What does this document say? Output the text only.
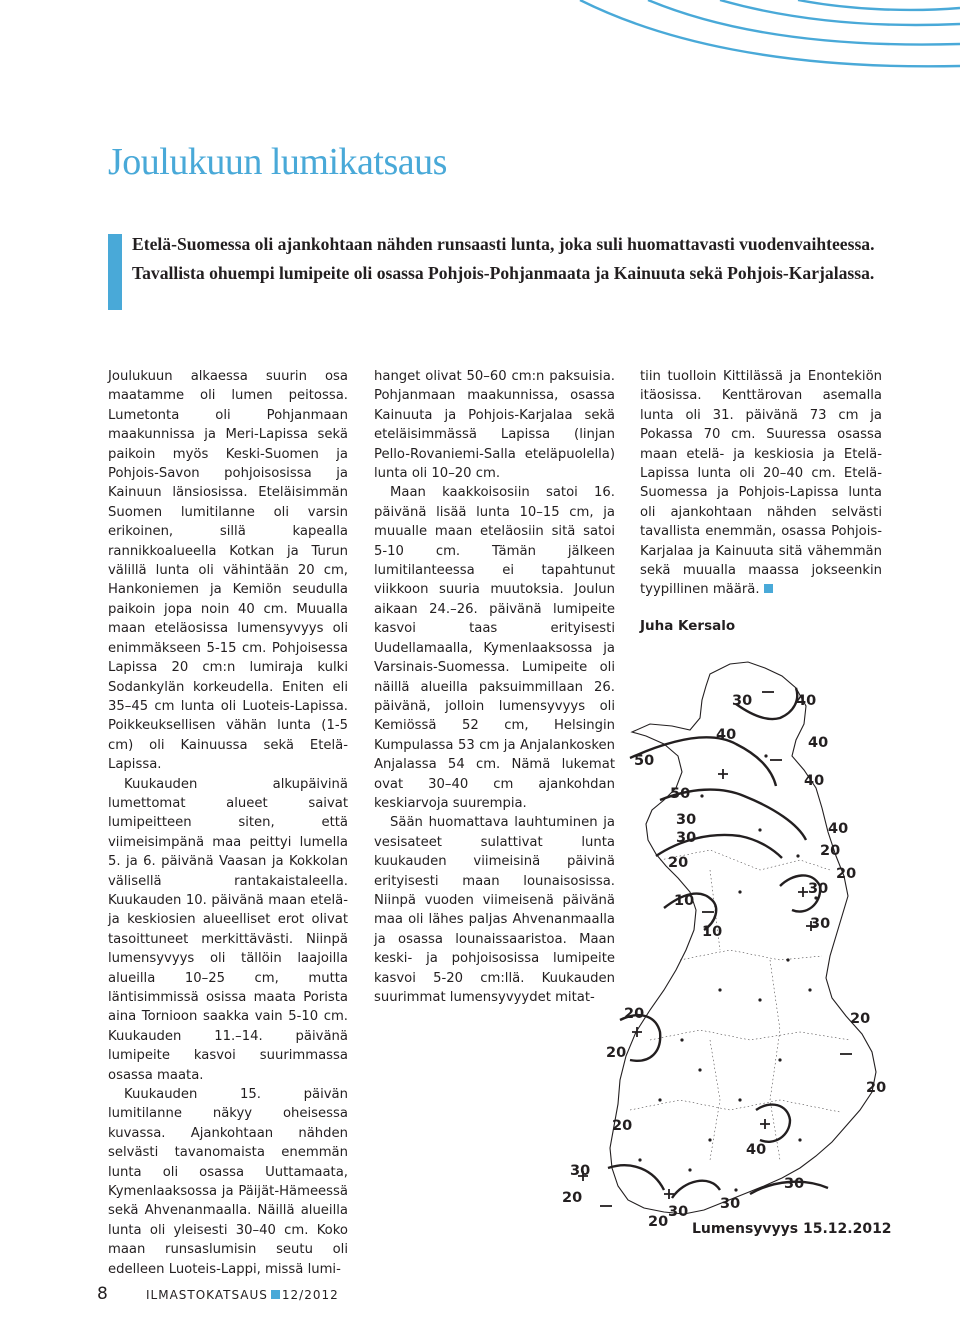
Joulukuun lumikatsaus
Etelä-Suomessa oli ajankohtaan nähden runsaasti lunta, joka suli huomattavasti vuodenvaihteessa. Tavallista ohuempi lumipeite oli osassa Pohjois-Pohjanmaata ja Kainuuta sekä Pohjois-Karjalassa.

Joulukuun alkaessa suurin osa maatamme oli lumen peitossa. Lumetonta oli Pohjanmaan maakunnissa ja Meri-Lapissa sekä paikoin myös Keski-Suomen ja Pohjois-Savon pohjoisosissa ja Kainuun länsiosissa. Eteläisimmän Suomen lumitilanne oli varsin erikoinen, sillä kapealla rannikkoalueella Kotkan ja Turun välillä lunta oli vähintään 20 cm, Hankoniemen ja Kemiön seudulla paikoin jopa noin 40 cm. Muualla maan eteläosissa lumensyvyys oli enimmäkseen 5-15 cm. Pohjoisessa Lapissa 20 cm:n lumiraja kulki Sodankylän korkeudella. Eniten eli 35–45 cm lunta oli Luoteis-Lapissa. Poikkeuksellisen vähän lunta (1-5 cm) oli Kainuussa sekä Etelä-Lapissa.

Kuukauden alkupäivinä lumettomat alueet saivat lumipeitteen siten, että viimeisimpänä maa peittyi lumella 5. ja 6. päivänä Vaasan ja Kokkolan välisellä rantakaistaleella. Kuukauden 10. päivänä maan etelä- ja keskiosien alueelliset erot olivat tasoittuneet merkittävästi. Niinpä lumensyvyys oli tällöin laajoilla alueilla 10–25 cm, mutta läntisimmissä osissa maata Porista aina Tornioon saakka vain 5-10 cm. Kuukauden 11.–14. päivänä lumipeite kasvoi suurimmassa osassa maata.

Kuukauden 15. päivän lumitilanne näkyy oheisessa kuvassa. Ajankohtaan nähden selvästi tavanomaista enemmän lunta oli osassa Uuttamaata, Kymenlaaksossa ja Päijät-Hämeessä sekä Ahvenanmaalla. Näillä alueilla lunta oli yleisesti 30–40 cm. Koko maan runsaslumisin seutu oli edelleen Luoteis-Lappi, missä lumi-

hanget olivat 50–60 cm:n paksuisia. Pohjanmaan maakunnissa, osassa Kainuuta ja Pohjois-Karjalaa sekä eteläisimmässä Lapissa (linjan Pello-Rovaniemi-Salla eteläpuolella) lunta oli 10–20 cm.

Maan kaakkoisosiin satoi 16. päivänä lisää lunta 10–15 cm, ja muualle maan eteläosiin sitä satoi 5-10 cm. Tämän jälkeen lumitilanteessa ei tapahtunut viikkoon suuria muutoksia. Joulun aikaan 24.–26. päivänä lumipeite kasvoi taas erityisesti Uudellamaalla, Kymenlaaksossa ja Varsinais-Suomessa. Lumipeite oli näillä alueilla paksuimmillaan 26. päivänä, jolloin lumensyvyys oli Kemiössä 52 cm, Helsingin Kumpulassa 53 cm ja Anjalankosken Anjalassa 54 cm. Nämä lukemat ovat 30–40 cm ajankohdan keskiarvoja suurempia.

Sään huomattava lauhtuminen ja vesisateet sulattivat lunta kuukauden viimeisinä päivinä erityisesti maan lounaisosissa. Niinpä vuoden viimeisenä päivänä maa oli lähes paljas Ahvenanmaalla ja osassa lounaissaaristoa. Maan keski- ja pohjoisosissa lumipeite kasvoi 5-20 cm:llä. Kuukauden suurimmat lumensyvyydet mitat-

tiin tuolloin Kittilässä ja Enontekiön itäosissa. Kenttärovan asemalla lunta oli 31. päivänä 73 cm ja Pokassa 70 cm. Suuressa osassa maan etelä- ja keskiosia ja Etelä-Lapissa lunta oli 20–40 cm. Etelä-Suomessa ja Pohjois-Lapissa lunta oli ajankohtaan nähden selvästi tavallista enemmän, osassa Pohjois-Karjalaa ja Kainuuta sitä vähemmän sekä muualla maassa jokseenkin tyypillinen määrä.

Juha Kersalo

30	40
40	40
50
50
40
30
40
30
20
20
20
30
10
30
10
20	20
20
20
20
40
30
30
30
20
20
30
Lumensyvyys 15.12.2012
8	ILMASTOKATSAUS 12/2012
